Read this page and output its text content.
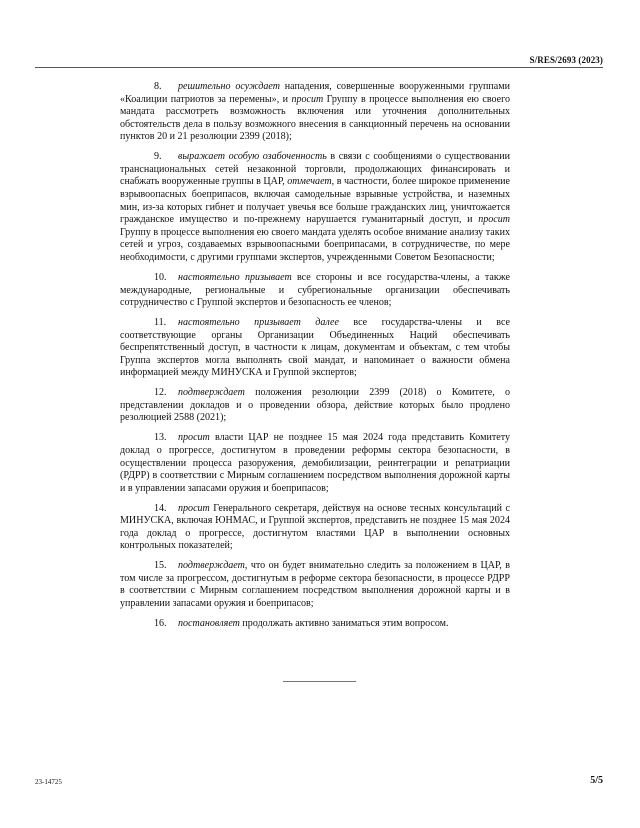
S/RES/2693 (2023)

8. решительно осуждает нападения, совершенные вооруженными группами «Коалиции патриотов за перемены», и просит Группу в процессе выполнения ею своего мандата рассмотреть возможность включения или уточнения дополнительных обстоятельств дела в пользу возможного внесения в санкционный перечень на основании пунктов 20 и 21 резолюции 2399 (2018);

9. выражает особую озабоченность в связи с сообщениями о существовании транснациональных сетей незаконной торговли, продолжающих финансировать и снабжать вооруженные группы в ЦАР, отмечает, в частности, более широкое применение взрывоопасных боеприпасов, включая самодельные взрывные устройства, и наземных мин, из-за которых гибнет и получает увечья все больше гражданских лиц, уничтожается гражданское имущество и по-прежнему нарушается гуманитарный доступ, и просит Группу в процессе выполнения ею своего мандата уделять особое внимание анализу таких сетей и угроз, создаваемых взрывоопасными боеприпасами, в сотрудничестве, по мере необходимости, с другими группами экспертов, учрежденными Советом Безопасности;

10. настоятельно призывает все стороны и все государства-члены, а также международные, региональные и субрегиональные организации обеспечивать сотрудничество с Группой экспертов и безопасность ее членов;

11. настоятельно призывает далее все государства-члены и все соответствующие органы Организации Объединенных Наций обеспечивать беспрепятственный доступ, в частности к лицам, документам и объектам, с тем чтобы Группа экспертов могла выполнять свой мандат, и напоминает о важности обмена информацией между МИНУСКА и Группой экспертов;

12. подтверждает положения резолюции 2399 (2018) о Комитете, о представлении докладов и о проведении обзора, действие которых было продлено резолюцией 2588 (2021);

13. просит власти ЦАР не позднее 15 мая 2024 года представить Комитету доклад о прогрессе, достигнутом в проведении реформы сектора безопасности, в осуществлении процесса разоружения, демобилизации, реинтеграции и репатриации (РДРР) в соответствии с Мирным соглашением посредством выполнения дорожной карты и в управлении запасами оружия и боеприпасов;

14. просит Генерального секретаря, действуя на основе тесных консультаций с МИНУСКА, включая ЮНМАС, и Группой экспертов, представить не позднее 15 мая 2024 года доклад о прогрессе, достигнутом властями ЦАР в выполнении основных контрольных показателей;

15. подтверждает, что он будет внимательно следить за положением в ЦАР, в том числе за прогрессом, достигнутым в реформе сектора безопасности, в процессе РДРР в соответствии с Мирным соглашением посредством выполнения дорожной карты и в управлении запасами оружия и боеприпасов;

16. постановляет продолжать активно заниматься этим вопросом.

23-14725	5/5
